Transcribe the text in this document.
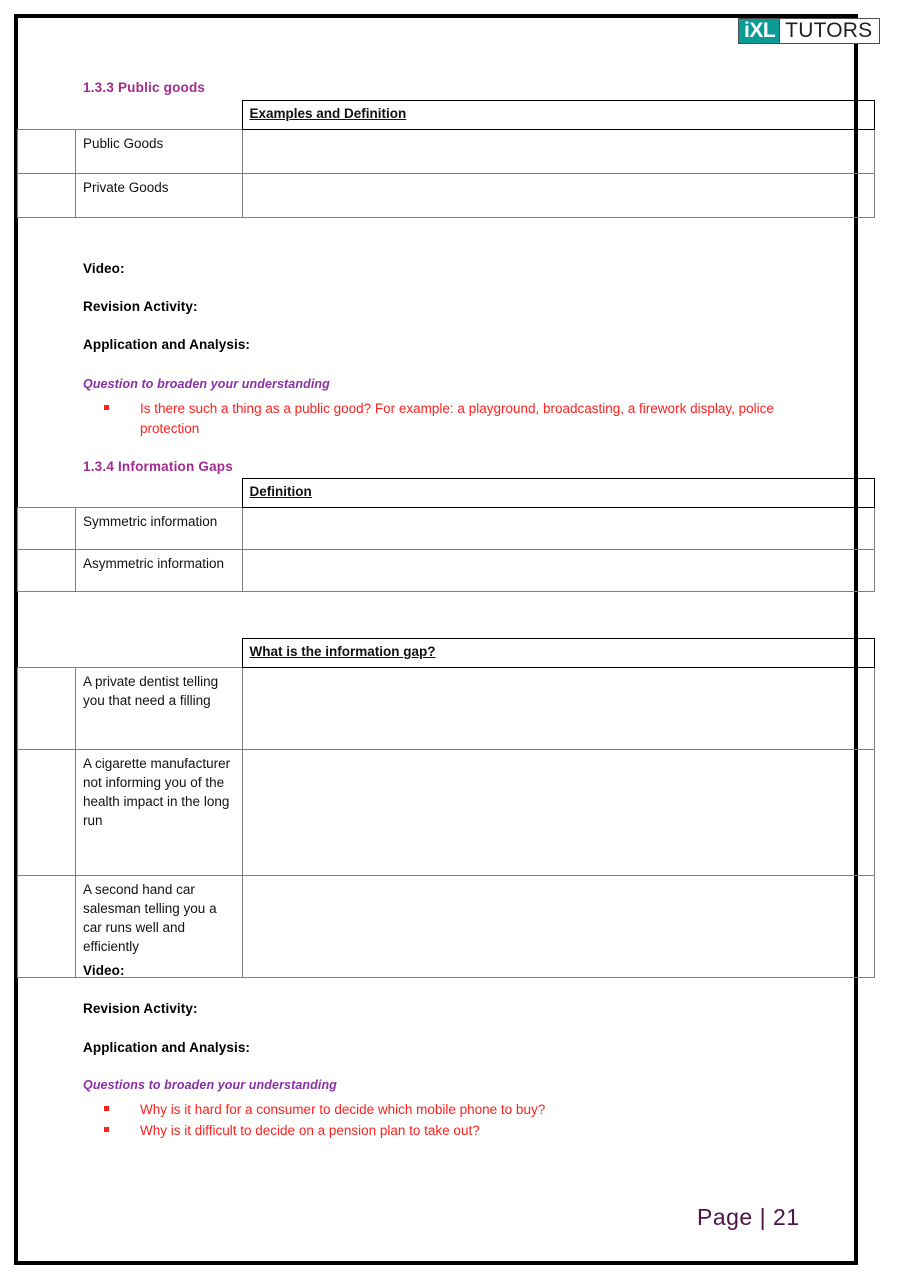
iXL TUTORS
1.3.3 Public goods
		Examples and Definition
	Public Goods	
	Private Goods	
Video:
Revision Activity:
Application and Analysis:
Question to broaden your understanding
Is there such a thing as a public good? For example: a playground, broadcasting, a firework display, police protection
1.3.4 Information Gaps
		Definition
	Symmetric information	
	Asymmetric information	
		What is the information gap?
	A private dentist telling you that need a filling	
	A cigarette manufacturer not informing you of the health impact in the long run	
	A second hand car salesman telling you a car runs well and efficiently	
Video:
Revision Activity:
Application and Analysis:
Questions to broaden your understanding
Why is it hard for a consumer to decide which mobile phone to buy?
Why is it difficult to decide on a pension plan to take out?
Page | 21
